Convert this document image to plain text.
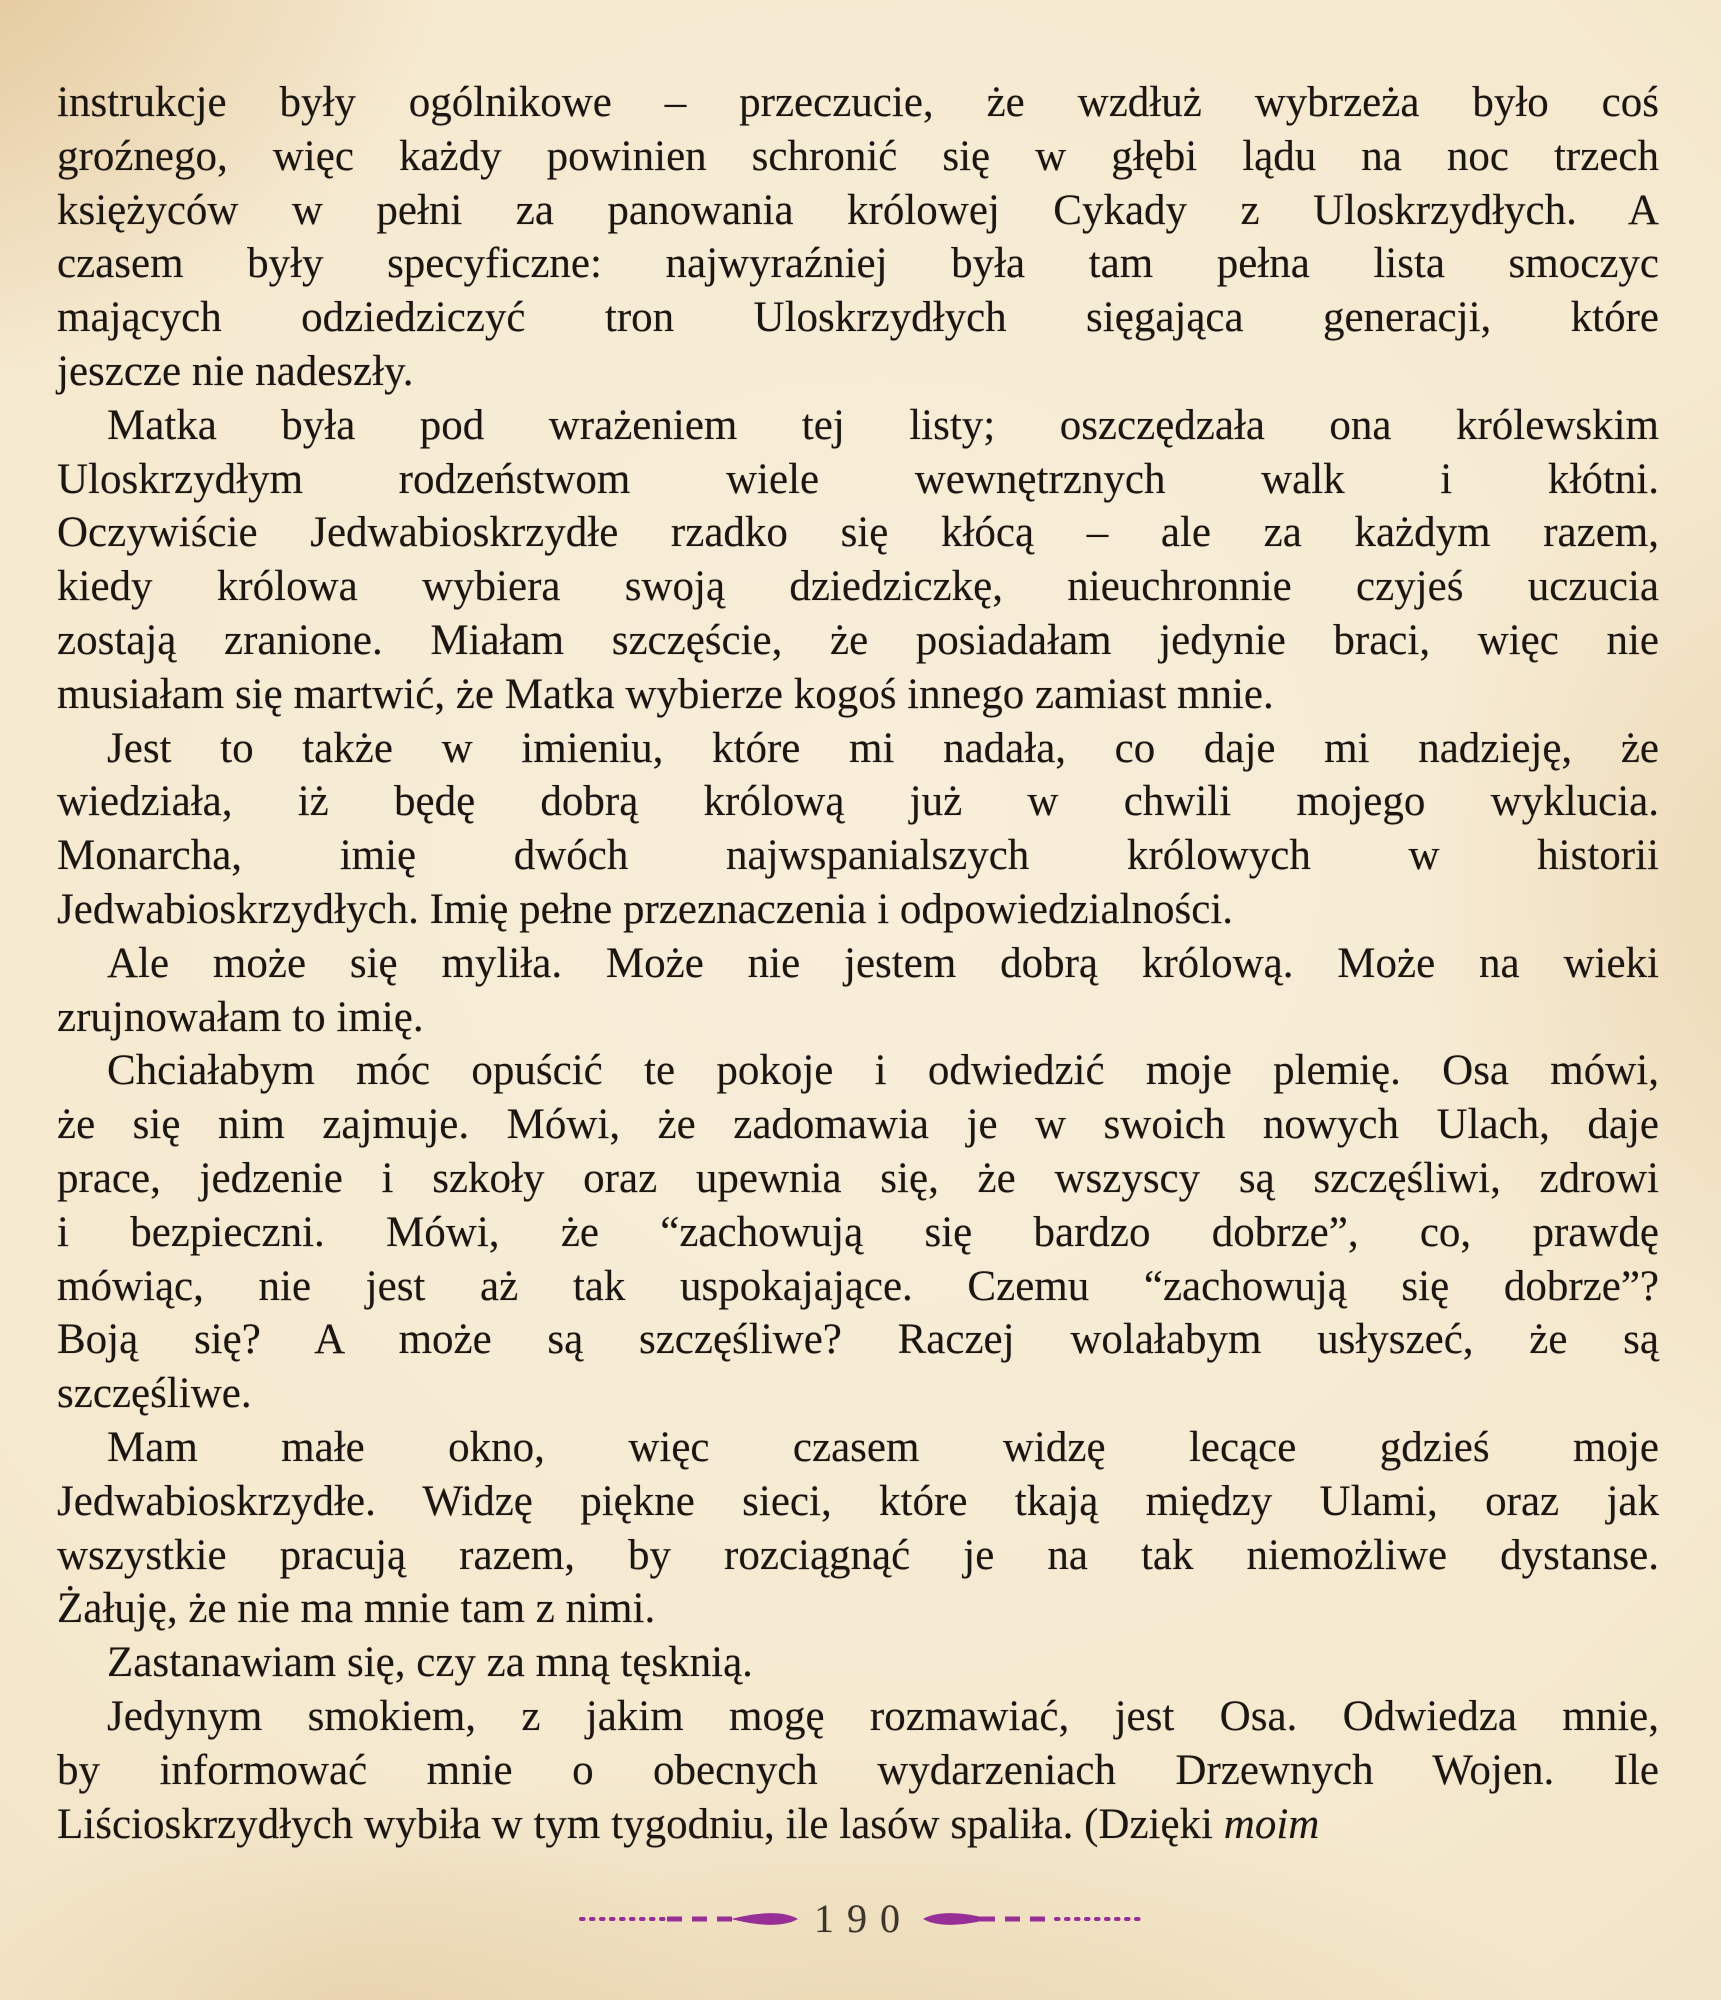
instrukcje były ogólnikowe – przeczucie, że wzdłuż wybrzeża było coś
groźnego, więc każdy powinien schronić się w głębi lądu na noc trzech
księżyców w pełni za panowania królowej Cykady z Uloskrzydłych. A
czasem były specyficzne: najwyraźniej była tam pełna lista smoczyc
mających odziedziczyć tron Uloskrzydłych sięgająca generacji, które
jeszcze nie nadeszły.
Matka była pod wrażeniem tej listy; oszczędzała ona królewskim
Uloskrzydłym rodzeństwom wiele wewnętrznych walk i kłótni.
Oczywiście Jedwabioskrzydłe rzadko się kłócą – ale za każdym razem,
kiedy królowa wybiera swoją dziedziczkę, nieuchronnie czyjeś uczucia
zostają zranione. Miałam szczęście, że posiadałam jedynie braci, więc nie
musiałam się martwić, że Matka wybierze kogoś innego zamiast mnie.
Jest to także w imieniu, które mi nadała, co daje mi nadzieję, że
wiedziała, iż będę dobrą królową już w chwili mojego wyklucia.
Monarcha, imię dwóch najwspanialszych królowych w historii
Jedwabioskrzydłych. Imię pełne przeznaczenia i odpowiedzialności.
Ale może się myliła. Może nie jestem dobrą królową. Może na wieki
zrujnowałam to imię.
Chciałabym móc opuścić te pokoje i odwiedzić moje plemię. Osa mówi,
że się nim zajmuje. Mówi, że zadomawia je w swoich nowych Ulach, daje
prace, jedzenie i szkoły oraz upewnia się, że wszyscy są szczęśliwi, zdrowi
i bezpieczni. Mówi, że “zachowują się bardzo dobrze”, co, prawdę
mówiąc, nie jest aż tak uspokajające. Czemu “zachowują się dobrze”?
Boją się? A może są szczęśliwe? Raczej wolałabym usłyszeć, że są
szczęśliwe.
Mam małe okno, więc czasem widzę lecące gdzieś moje
Jedwabioskrzydłe. Widzę piękne sieci, które tkają między Ulami, oraz jak
wszystkie pracują razem, by rozciągnąć je na tak niemożliwe dystanse.
Żałuję, że nie ma mnie tam z nimi.
Zastanawiam się, czy za mną tęsknią.
Jedynym smokiem, z jakim mogę rozmawiać, jest Osa. Odwiedza mnie,
by informować mnie o obecnych wydarzeniach Drzewnych Wojen. Ile
Liścioskrzydłych wybiła w tym tygodniu, ile lasów spaliła. (Dzięki moim
190
